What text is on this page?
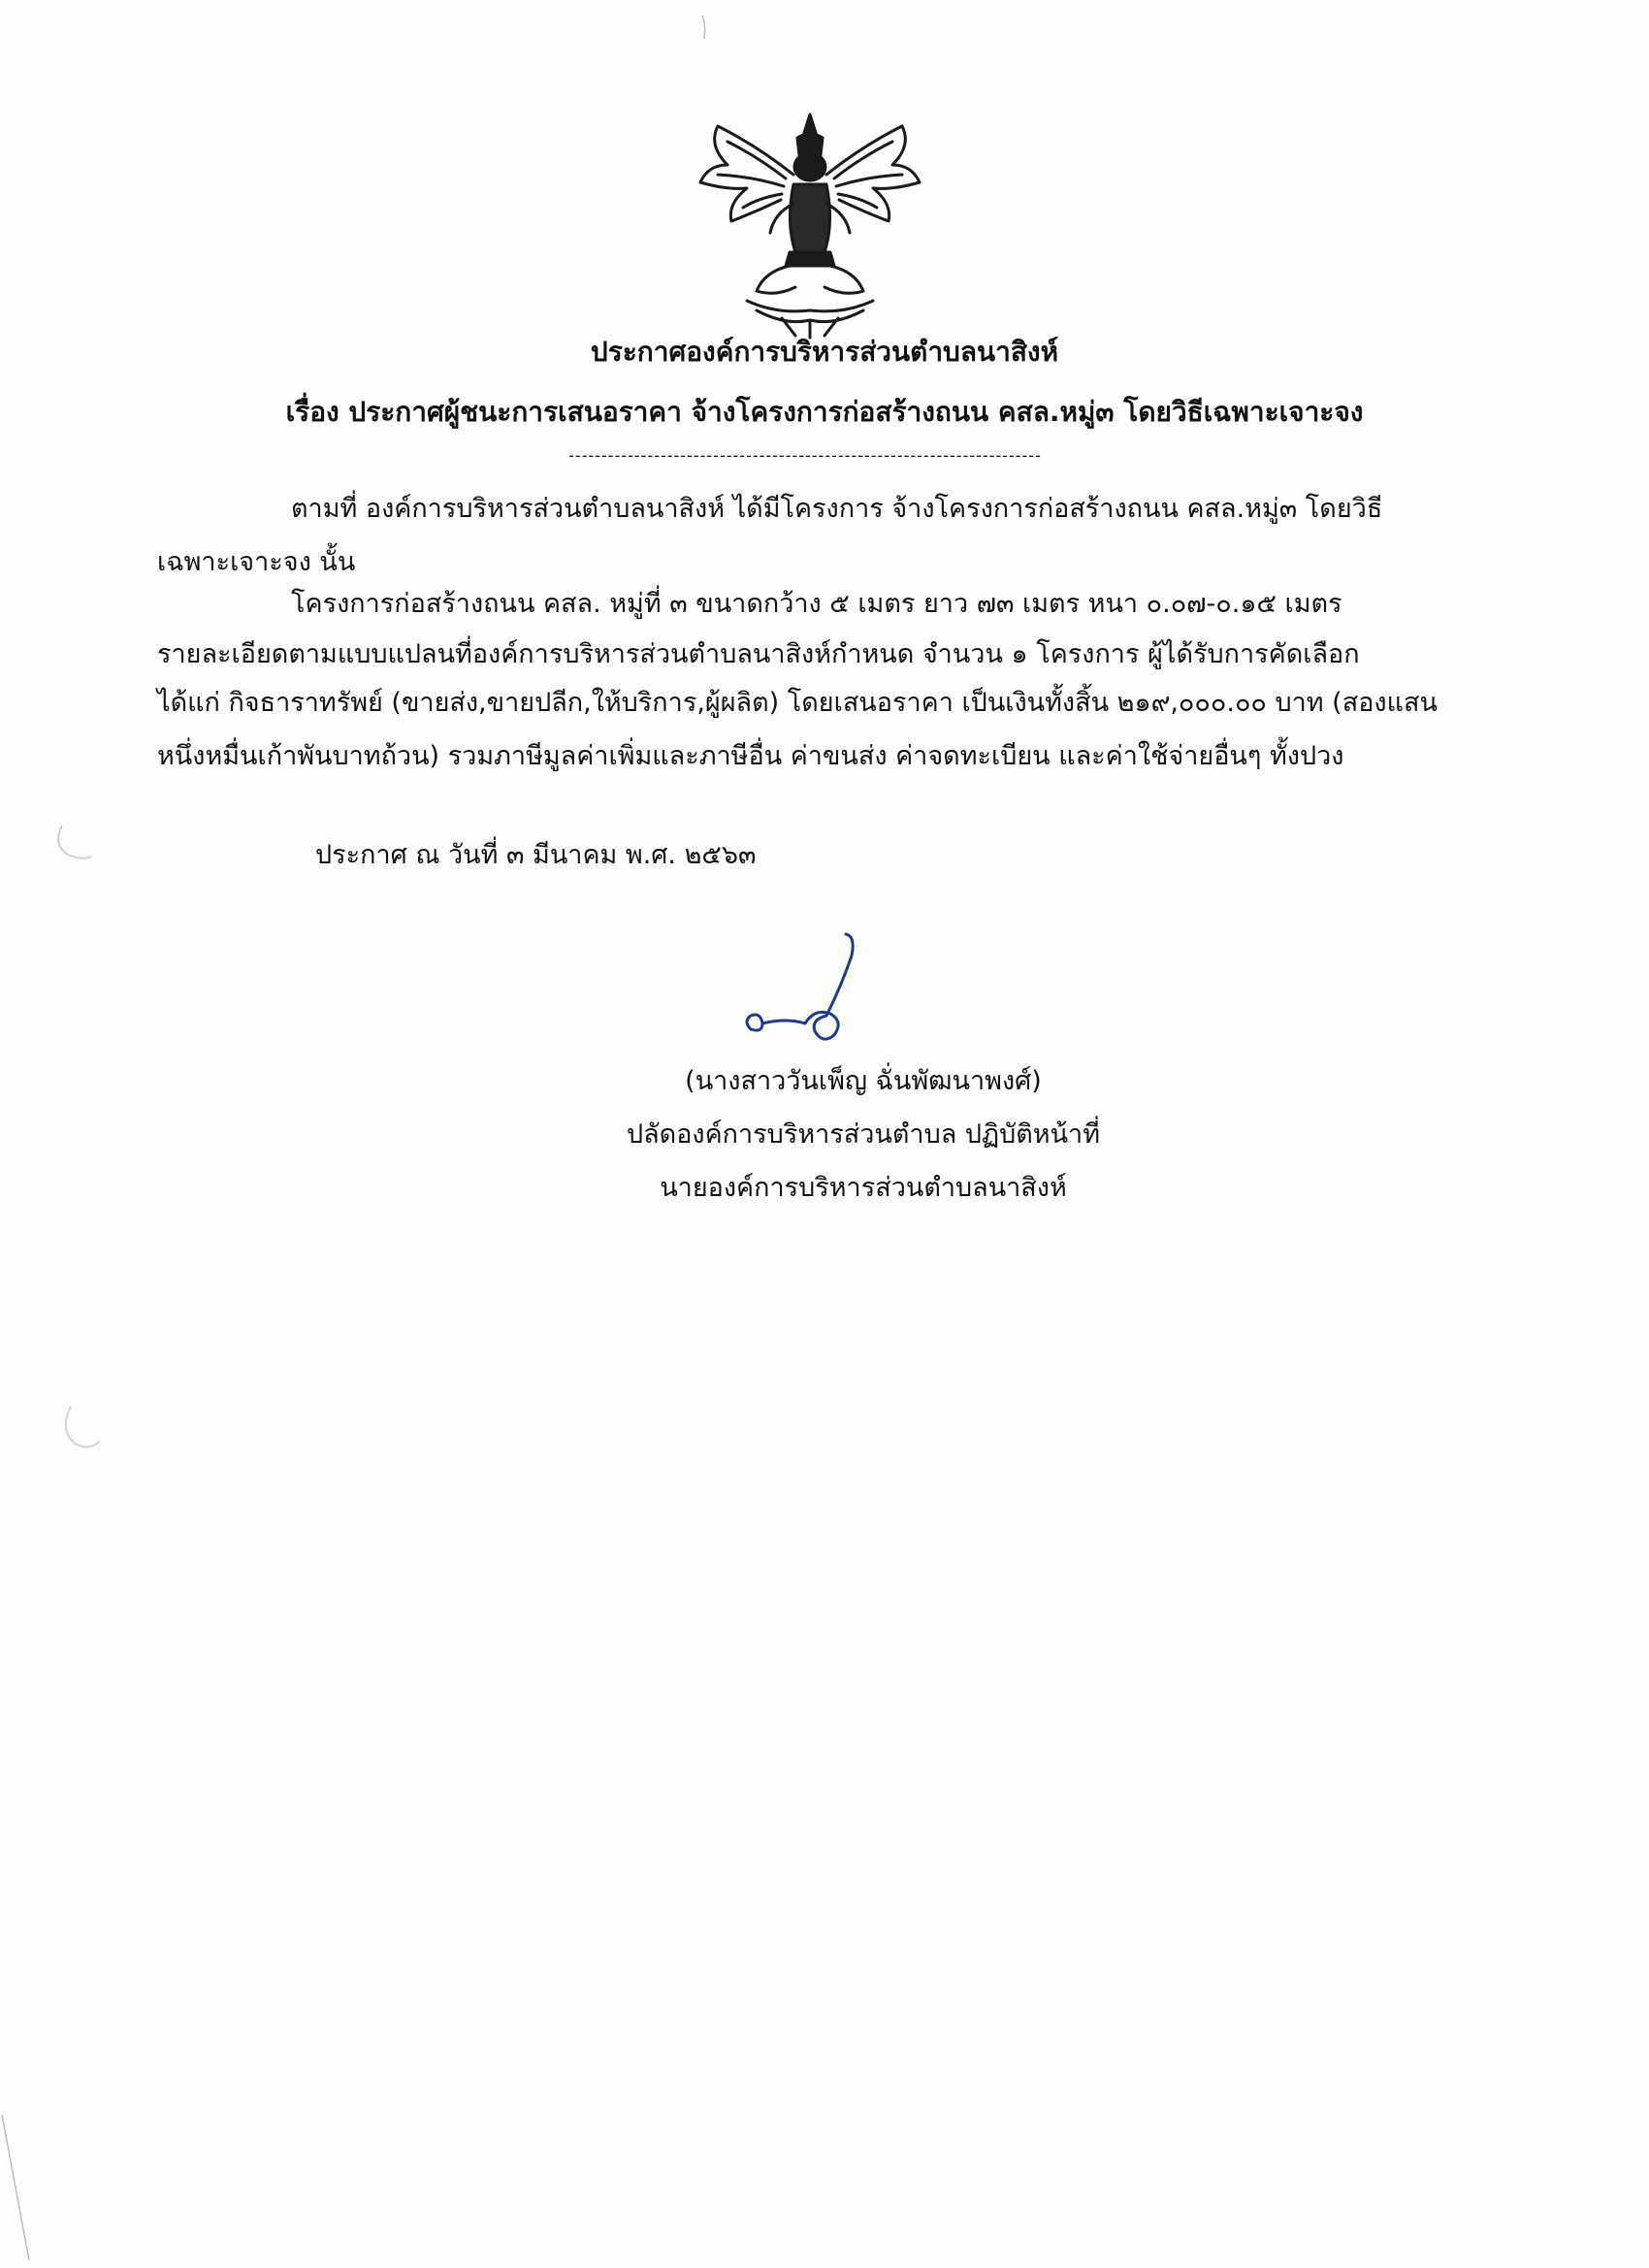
ประกาศองค์การบริหารส่วนตำบลนาสิงห์
เรื่อง ประกาศผู้ชนะการเสนอราคา จ้างโครงการก่อสร้างถนน คสล.หมู่๓ โดยวิธีเฉพาะเจาะจง
------------------------------------------------------------------------
ตามที่ องค์การบริหารส่วนตำบลนาสิงห์ ได้มีโครงการ จ้างโครงการก่อสร้างถนน คสล.หมู่๓ โดยวิธี
เฉพาะเจาะจง นั้น
โครงการก่อสร้างถนน คสล. หมู่ที่ ๓ ขนาดกว้าง ๕ เมตร ยาว ๗๓ เมตร หนา ๐.๐๗-๐.๑๕ เมตร
รายละเอียดตามแบบแปลนที่องค์การบริหารส่วนตำบลนาสิงห์กำหนด จำนวน ๑ โครงการ ผู้ได้รับการคัดเลือก
ได้แก่ กิจธาราทรัพย์ (ขายส่ง,ขายปลีก,ให้บริการ,ผู้ผลิต) โดยเสนอราคา เป็นเงินทั้งสิ้น ๒๑๙,๐๐๐.๐๐ บาท (สองแสน
หนึ่งหมื่นเก้าพันบาทถ้วน) รวมภาษีมูลค่าเพิ่มและภาษีอื่น ค่าขนส่ง ค่าจดทะเบียน และค่าใช้จ่ายอื่นๆ ทั้งปวง
ประกาศ ณ วันที่ ๓ มีนาคม พ.ศ. ๒๕๖๓
(นางสาววันเพ็ญ ฉั่นพัฒนาพงศ์)
ปลัดองค์การบริหารส่วนตำบล ปฏิบัติหน้าที่
นายองค์การบริหารส่วนตำบลนาสิงห์
